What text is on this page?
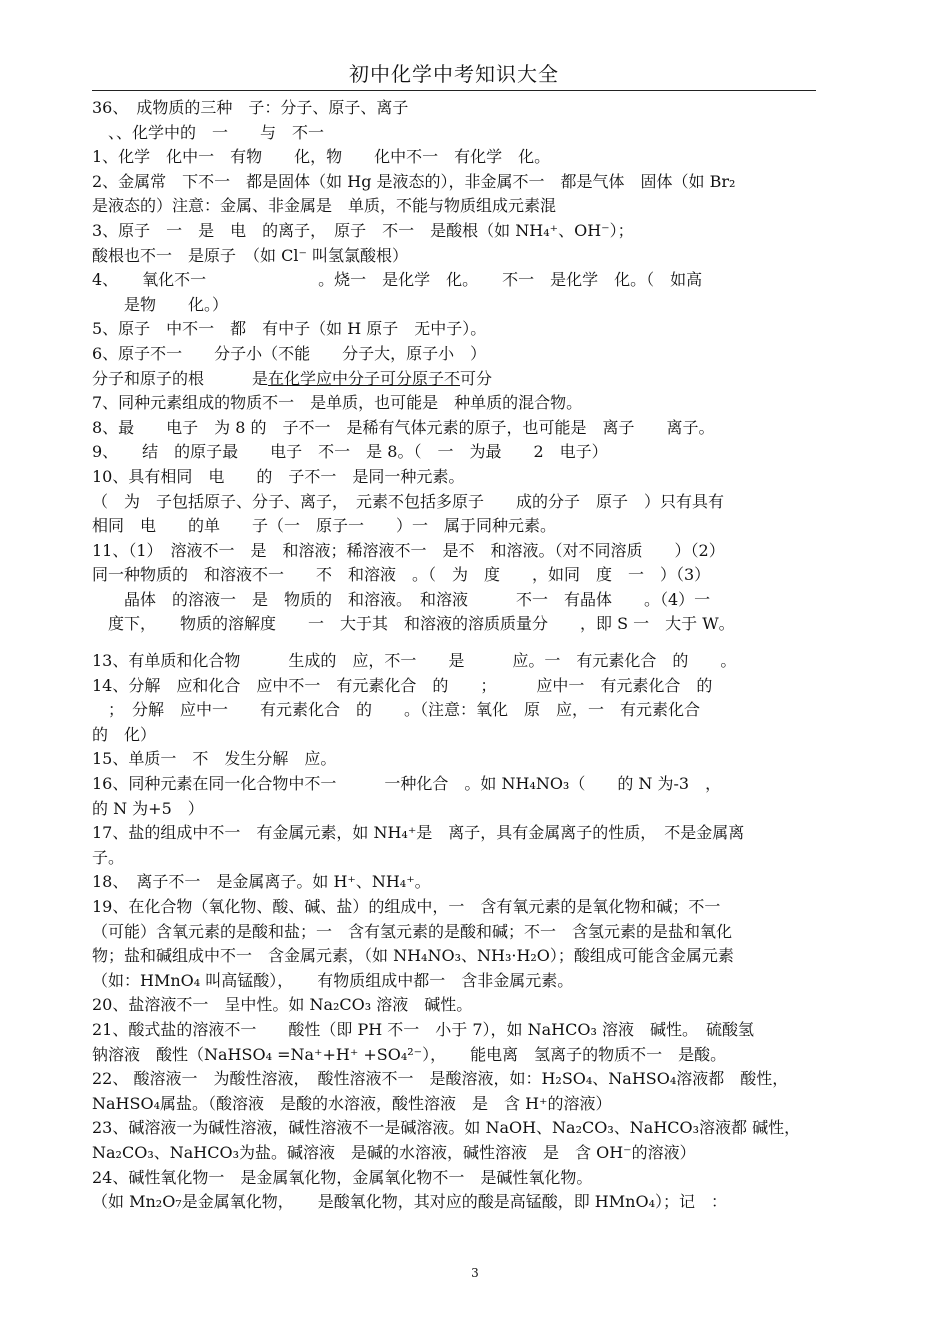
初中化学中考知识大全
36、　成物质的三种　子：分子、原子、离子
　、、化学中的　一　　与　不一
1、化学　化中一　有物　　化，物　　化中不一　有化学　化。
2、金属常　下不一　都是固体（如 Hg 是液态的），非金属不一　都是气体　固体（如 Br₂
是液态的）注意：金属、非金属是　单质，不能与物质组成元素混
3、原子　一　是　电　的离子，　原子　不一　是酸根（如 NH₄⁺、OH⁻）；
酸根也不一　是原子　（如 Cl⁻ 叫氢氯酸根）
4、　　氧化不一　　　　　　　。烧一　是化学　化。　　不一　是化学　化。（　如高
　　是物　　化。）
5、原子　中不一　都　有中子（如 H 原子　无中子）。
6、原子不一　　分子小（不能　　分子大，原子小　）
分子和原子的根　　　是在化学应中分子可分原子不可分
7、同种元素组成的物质不一　是单质，也可能是　种单质的混合物。
8、最　　电子　为 8 的　子不一　是稀有气体元素的原子，也可能是　离子　　离子。
9、　　结　的原子最　　电子　不一　是 8。（　一　为最　　2　电子）
10、具有相同　电　　的　子不一　是同一种元素。
（　为　子包括原子、分子、离子，　元素不包括多原子　　成的分子　原子　）只有具有
相同　电　　的单　　子（一　原子一　　）一　属于同种元素。
11、（1）　溶液不一　是　和溶液；稀溶液不一　是不　和溶液。（对不同溶质　　）（2）
同一种物质的　和溶液不一　　不　和溶液　。（　为　度　　，如同　度　一　）（3）
　　晶体　的溶液一　是　物质的　和溶液。　和溶液　　　不一　有晶体　　。（4）一
　度下，　　物质的溶解度　　一　大于其　和溶液的溶质质量分　　，即 S 一　大于 W。
13、有单质和化合物　　　生成的　应，不一　　是　　　应。一　有元素化合　的　　。
14、分解　应和化合　应中不一　有元素化合　的　　；　　　应中一　有元素化合　的
　；　分解　应中一　　有元素化合　的　　。（注意：氧化　原　应，一　有元素化合
的　化）
15、单质一　不　发生分解　应。
16、同种元素在同一化合物中不一　　　一种化合　。如 NH₄NO₃（　　的 N 为-3　，
的 N 为+5　）
17、盐的组成中不一　有金属元素，如 NH₄⁺是　离子，具有金属离子的性质，　不是金属离
子。
18、　离子不一　是金属离子。如 H⁺、NH₄⁺。
19、在化合物（氧化物、酸、碱、盐）的组成中，一　含有氧元素的是氧化物和碱；不一
（可能）含氧元素的是酸和盐；一　含有氢元素的是酸和碱；不一　含氢元素的是盐和氧化
物；盐和碱组成中不一　含金属元素，（如 NH₄NO₃、NH₃·H₂O）；酸组成可能含金属元素
（如：HMnO₄ 叫高锰酸），　　有物质组成中都一　含非金属元素。
20、盐溶液不一　呈中性。如 Na₂CO₃ 溶液　碱性。
21、酸式盐的溶液不一　　酸性（即 PH 不一　小于 7），如 NaHCO₃ 溶液　碱性。　硫酸氢
钠溶液　酸性（NaHSO₄ =Na⁺+H⁺ +SO₄²⁻），　　能电离　氢离子的物质不一　是酸。
22、 酸溶液一　为酸性溶液，　酸性溶液不一　是酸溶液，如：H₂SO₄、NaHSO₄溶液都　酸性，
NaHSO₄属盐。（酸溶液　是酸的水溶液，酸性溶液　是　含 H⁺的溶液）
23、碱溶液一为碱性溶液，碱性溶液不一是碱溶液。如 NaOH、Na₂CO₃、NaHCO₃溶液都 碱性，
Na₂CO₃、NaHCO₃为盐。碱溶液　是碱的水溶液，碱性溶液　是　含 OH⁻的溶液）
24、碱性氧化物一　是金属氧化物，金属氧化物不一　是碱性氧化物。
（如 Mn₂O₇是金属氧化物，　　是酸氧化物，其对应的酸是高锰酸，即 HMnO₄）；记　：
3
